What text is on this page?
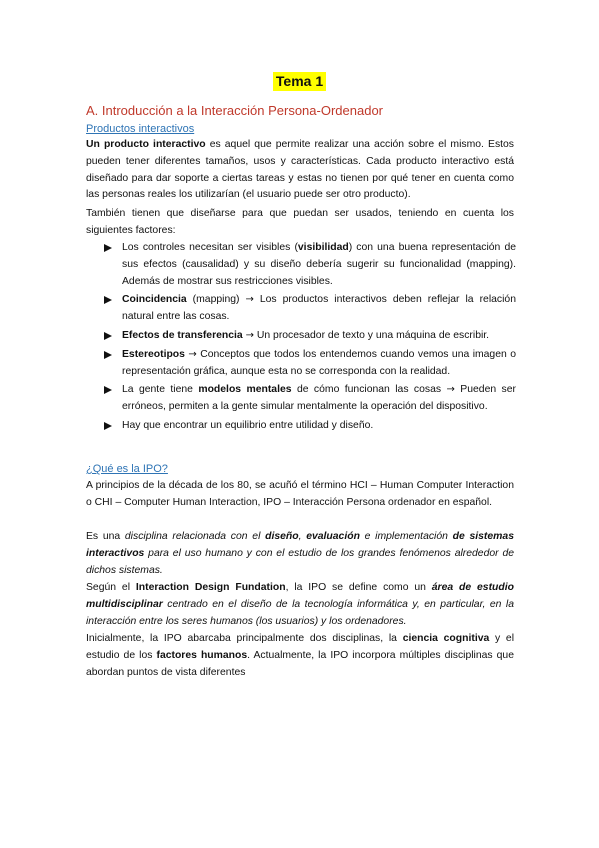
Tema 1
A. Introducción a la Interacción Persona-Ordenador
Productos interactivos
Un producto interactivo es aquel que permite realizar una acción sobre el mismo. Estos pueden tener diferentes tamaños, usos y características. Cada producto interactivo está diseñado para dar soporte a ciertas tareas y estas no tienen por qué tener en cuenta como las personas reales los utilizarían (el usuario puede ser otro producto).
También tienen que diseñarse para que puedan ser usados, teniendo en cuenta los siguientes factores:
Los controles necesitan ser visibles (visibilidad) con una buena representación de sus efectos (causalidad) y su diseño debería sugerir su funcionalidad (mapping). Además de mostrar sus restricciones visibles.
Coincidencia (mapping) → Los productos interactivos deben reflejar la relación natural entre las cosas.
Efectos de transferencia → Un procesador de texto y una máquina de escribir.
Estereotipos → Conceptos que todos los entendemos cuando vemos una imagen o representación gráfica, aunque esta no se corresponda con la realidad.
La gente tiene modelos mentales de cómo funcionan las cosas → Pueden ser erróneos, permiten a la gente simular mentalmente la operación del dispositivo.
Hay que encontrar un equilibrio entre utilidad y diseño.
¿Qué es la IPO?
A principios de la década de los 80, se acuñó el término HCI – Human Computer Interaction o CHI – Computer Human Interaction, IPO – Interacción Persona ordenador en español.
Es una disciplina relacionada con el diseño, evaluación e implementación de sistemas interactivos para el uso humano y con el estudio de los grandes fenómenos alrededor de dichos sistemas.
Según el Interaction Design Fundation, la IPO se define como un área de estudio multidisciplinar centrado en el diseño de la tecnología informática y, en particular, en la interacción entre los seres humanos (los usuarios) y los ordenadores.
Inicialmente, la IPO abarcaba principalmente dos disciplinas, la ciencia cognitiva y el estudio de los factores humanos. Actualmente, la IPO incorpora múltiples disciplinas que abordan puntos de vista diferentes
